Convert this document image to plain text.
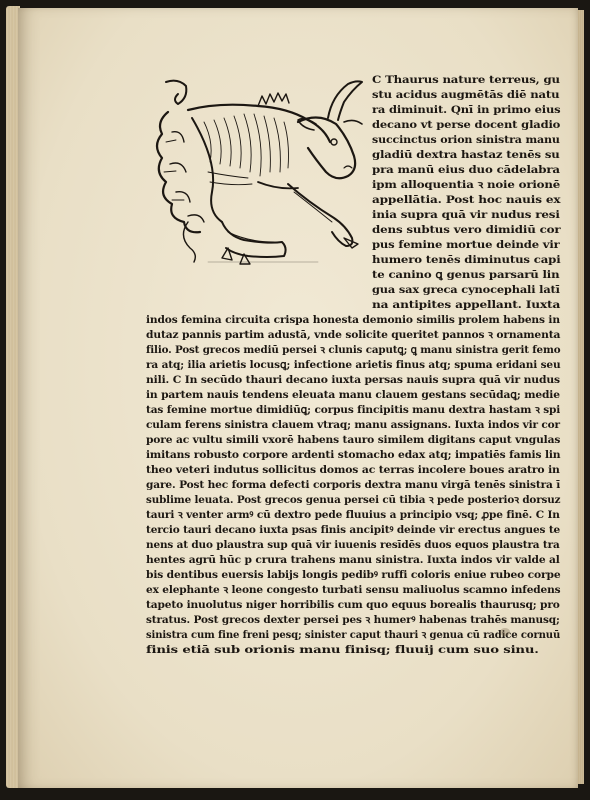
C Thaurus nature terreus, gu
stu acidus augmētās diē natu
ra diminuit. Qnī in primo eius
decano vt perse docent gladio
succinctus orion sinistra manu
gladiū dextra hastaz tenēs su
pra manū eius duo cādelabra
ipm alloquentia ꝛ noie orionē
appellātia. Post hoc nauis ex
inia supra quā vir nudus resi
dens subtus vero dimidiū cor
pus femine mortue deinde vir
humero tenēs diminutus capi
te canino ꝗ genus parsarū lin
gua sax greca cynocephali latī
na antipites appellant. Iuxta
indos femina circuita crispa honesta demonio similis prolem habens in
dutaz pannis partim adustā, vnde solicite queritet pannos ꝛ ornamenta
filio. Post grecos mediū persei ꝛ clunis caputꝗ; ꝗ manu sinistra gerit femo
ra atq; ilia arietis locusꝗ; infectione arietis finus atq; spuma eridani seu
nili. C In secūdo thauri decano iuxta persas nauis supra quā vir nudus
in partem nauis tendens eleuata manu clauem gestans secūdaꝗ; medie
tas femine mortue dimidiūꝗ; corpus fincipitis manu dextra hastam ꝛ spi
culam ferens sinistra clauem vtraq; manu assignans. Iuxta indos vir cor
pore ac vultu simili vxorē habens tauro similem digitans caput vngulas
imitans robusto corpore ardenti stomacho edax atq; impatiēs famis lin
theo veteri indutus sollicitus domos ac terras incolere boues aratro in
gare. Post hec forma defecti corporis dextra manu virgā tenēs sinistra ī
sublime leuata. Post grecos genua persei cū tibia ꝛ pede posterioꝛ dorsuz
tauri ꝛ venter armꝰ cū dextro pede fluuius a principio vsq; ꝓpe finē. C In
tercio tauri decano iuxta psas finis ancipitꝰ deinde vir erectus angues te
nens at duo plaustra sup quā vir iuuenis resīdēs duos equos plaustra tra
hentes agrū hūc p crura trahens manu sinistra. Iuxta indos vir valde al
bis dentibus euersis labijs longis pedibꝰ ruffi coloris eniue rubeo corpe
ex elephante ꝛ leone congesto turbati sensu maliuolus scamno infedens
tapeto inuolutus niger horribilis cum quo equus borealis thaurusq; pro
stratus. Post grecos dexter persei pes ꝛ humerꝰ habenas trahēs manusq;
sinistra cum fine freni pesq; sinister caput thauri ꝛ genua cū radice cornuū
finis etiā sub orionis manu finisq; fluuij cum suo sinu.
